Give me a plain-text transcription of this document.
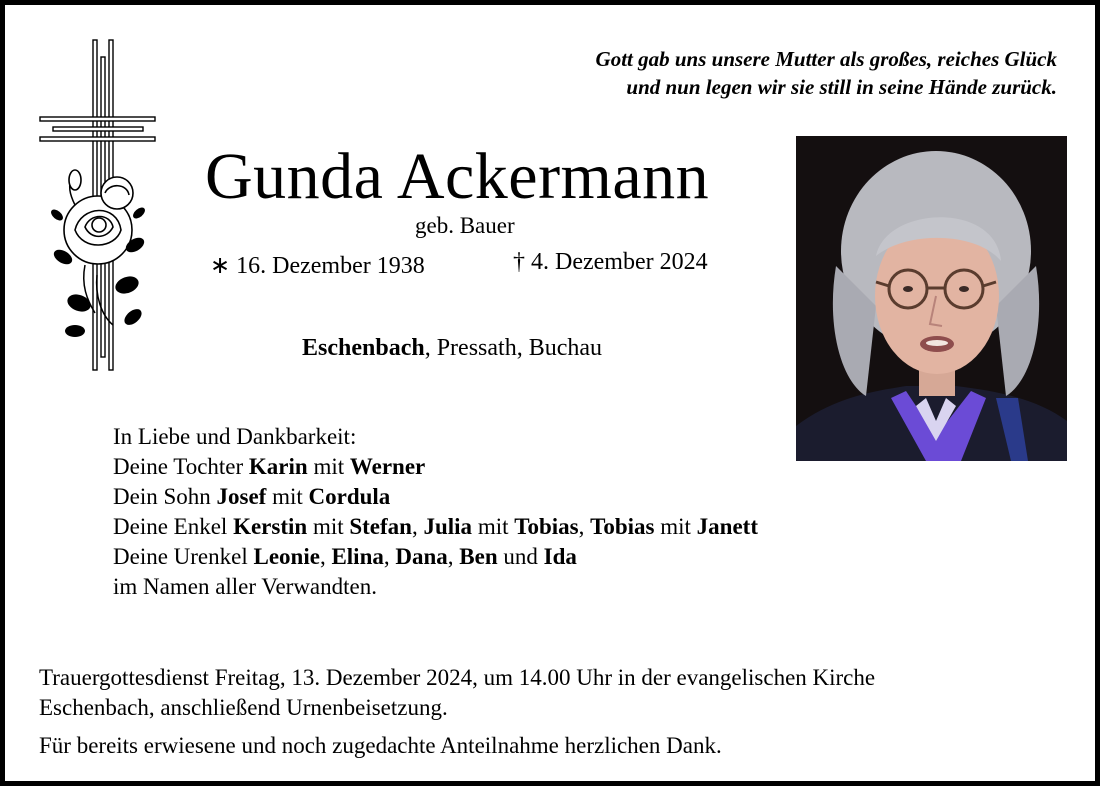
Gott gab uns unsere Mutter als großes, reiches Glück
und nun legen wir sie still in seine Hände zurück.
Gunda Ackermann
geb. Bauer
∗ 16. Dezember 1938	† 4. Dezember 2024
Eschenbach, Pressath, Buchau
In Liebe und Dankbarkeit:
Deine Tochter Karin mit Werner
Dein Sohn Josef mit Cordula
Deine Enkel Kerstin mit Stefan, Julia mit Tobias, Tobias mit Janett
Deine Urenkel Leonie, Elina, Dana, Ben und Ida
im Namen aller Verwandten.
Trauergottesdienst Freitag, 13. Dezember 2024, um 14.00 Uhr in der evangelischen Kirche
Eschenbach, anschließend Urnenbeisetzung.
Für bereits erwiesene und noch zugedachte Anteilnahme herzlichen Dank.
